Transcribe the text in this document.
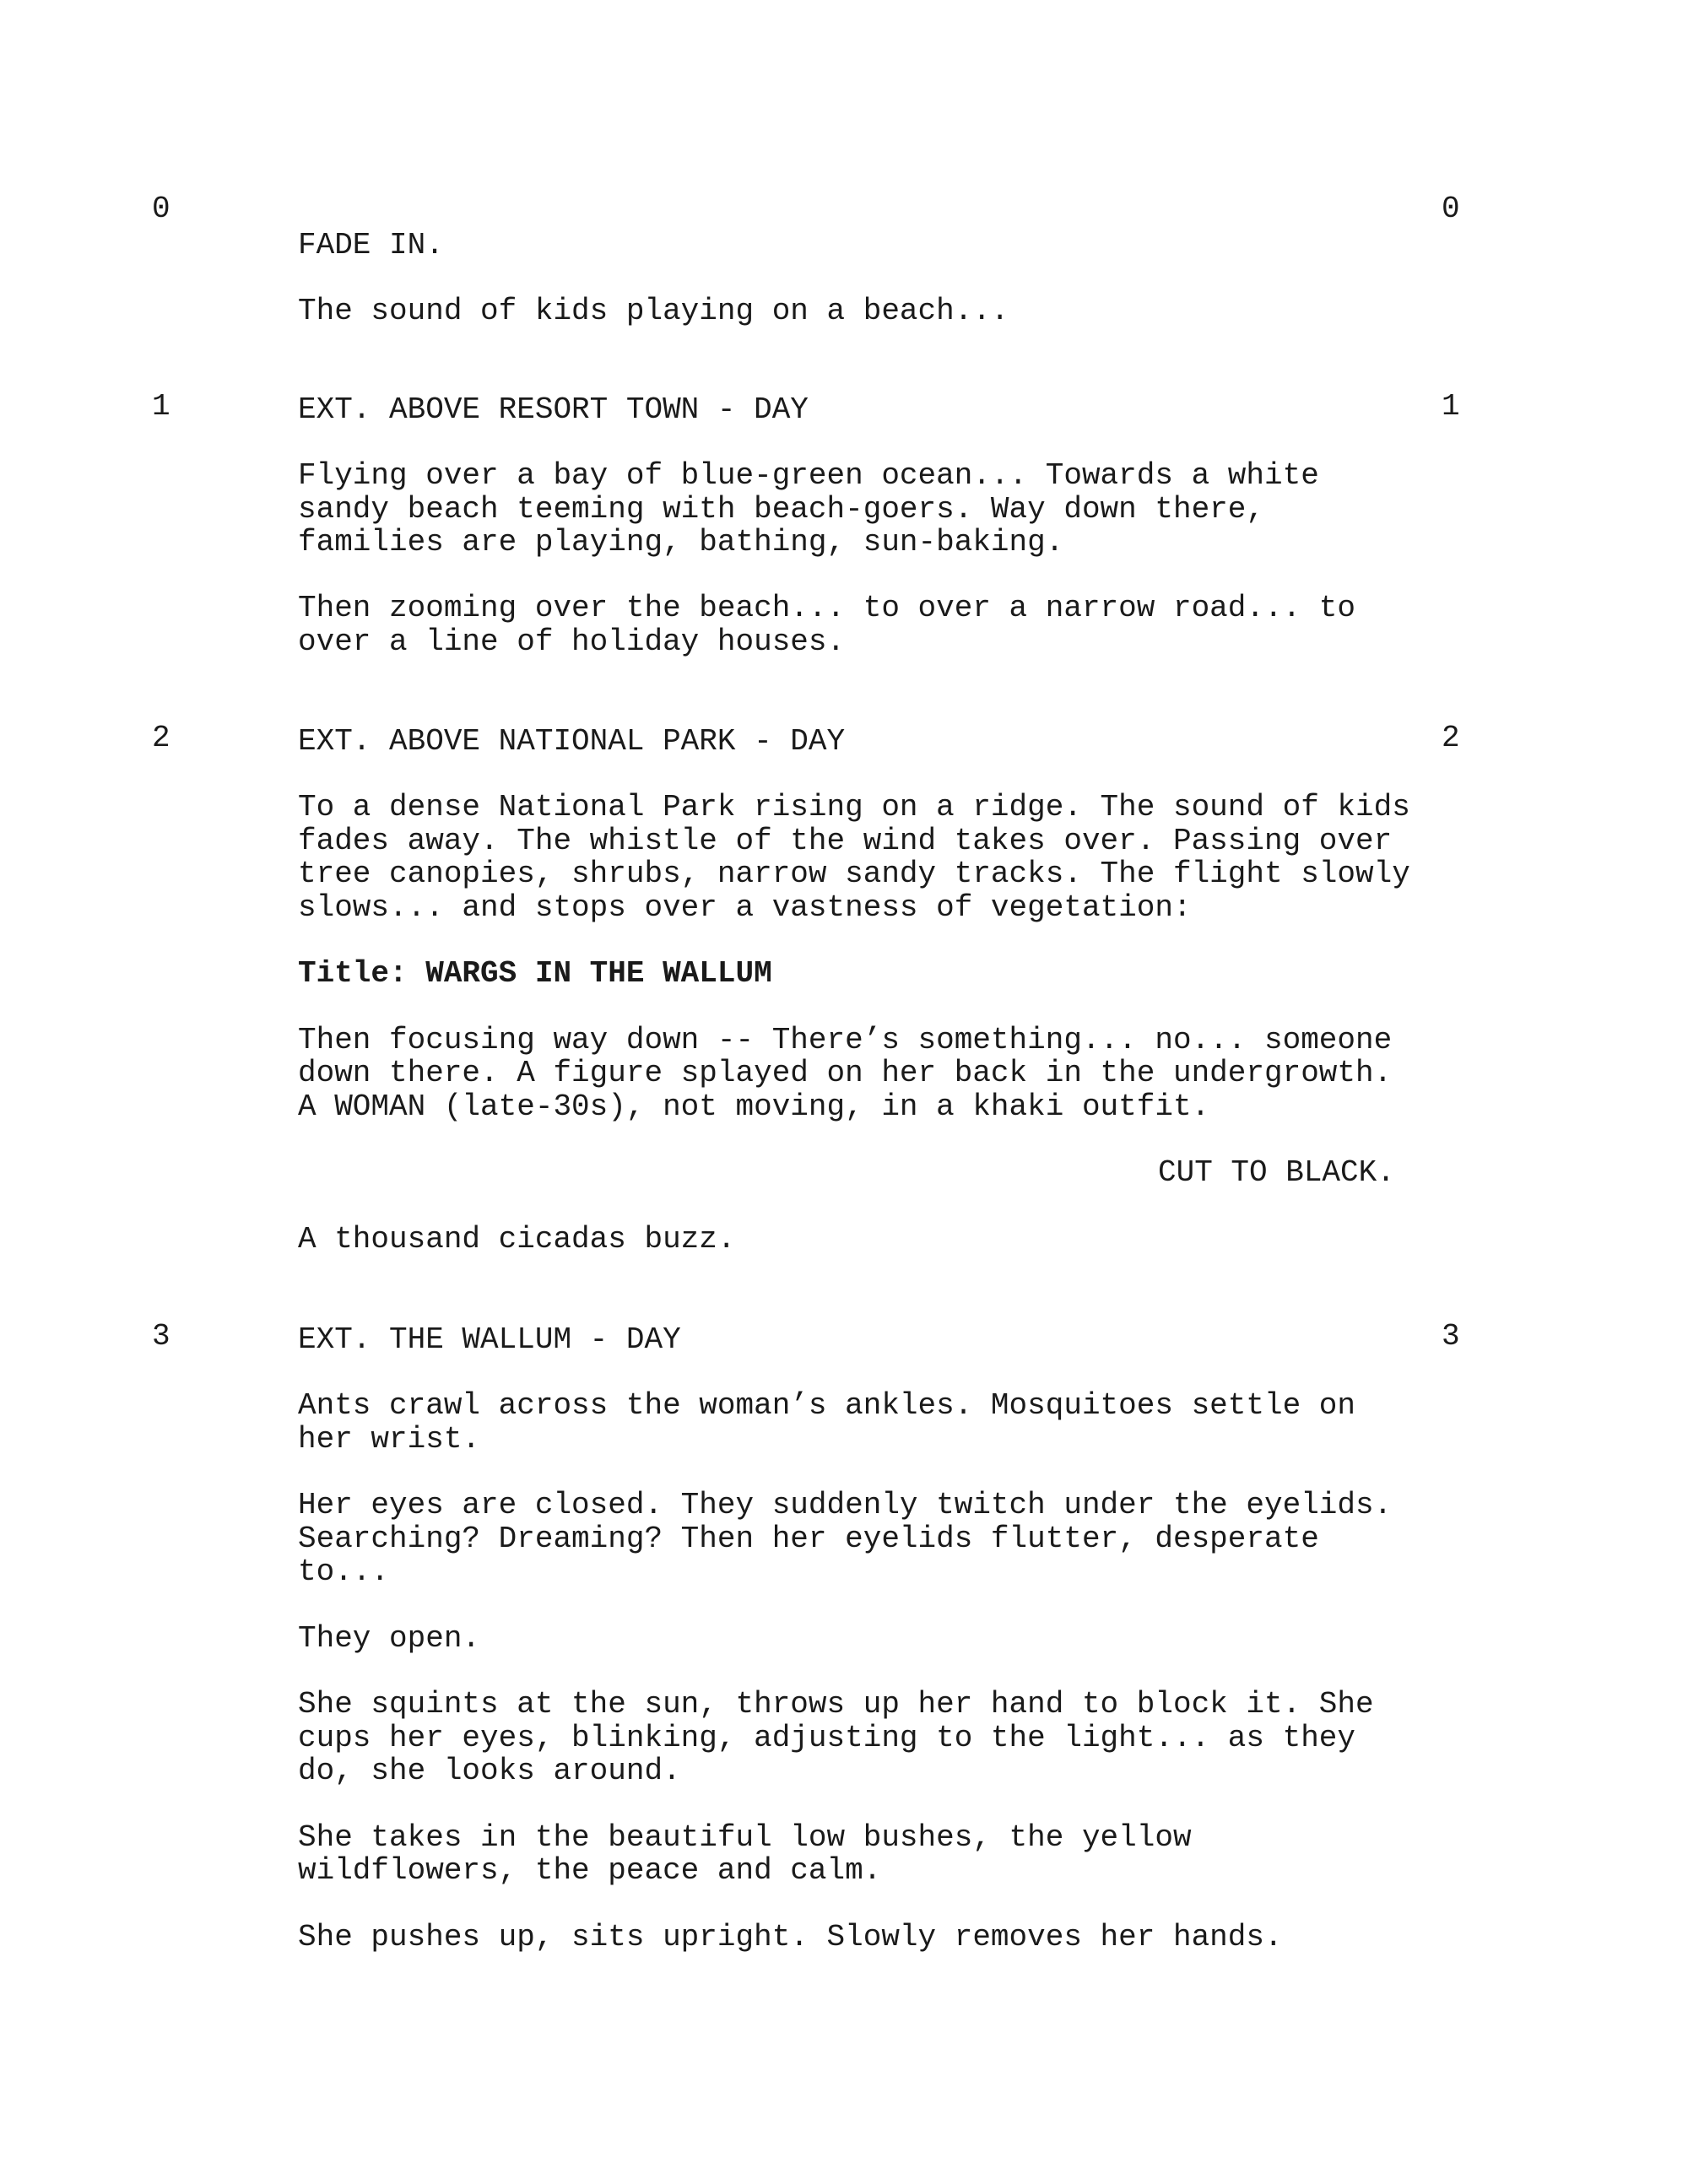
0	0
FADE IN.
The sound of kids playing on a beach...
1	1
EXT. ABOVE RESORT TOWN - DAY
Flying over a bay of blue-green ocean... Towards a white
sandy beach teeming with beach-goers. Way down there,
families are playing, bathing, sun-baking.
Then zooming over the beach... to over a narrow road... to
over a line of holiday houses.
2	2
EXT. ABOVE NATIONAL PARK - DAY
To a dense National Park rising on a ridge. The sound of kids
fades away. The whistle of the wind takes over. Passing over
tree canopies, shrubs, narrow sandy tracks. The flight slowly
slows... and stops over a vastness of vegetation:
Title: WARGS IN THE WALLUM
Then focusing way down -- There’s something... no... someone
down there. A figure splayed on her back in the undergrowth.
A WOMAN (late-30s), not moving, in a khaki outfit.
CUT TO BLACK.
A thousand cicadas buzz.
3	3
EXT. THE WALLUM - DAY
Ants crawl across the woman’s ankles. Mosquitoes settle on
her wrist.
Her eyes are closed. They suddenly twitch under the eyelids.
Searching? Dreaming? Then her eyelids flutter, desperate
to...
They open.
She squints at the sun, throws up her hand to block it. She
cups her eyes, blinking, adjusting to the light... as they
do, she looks around.
She takes in the beautiful low bushes, the yellow
wildflowers, the peace and calm.
She pushes up, sits upright. Slowly removes her hands.
